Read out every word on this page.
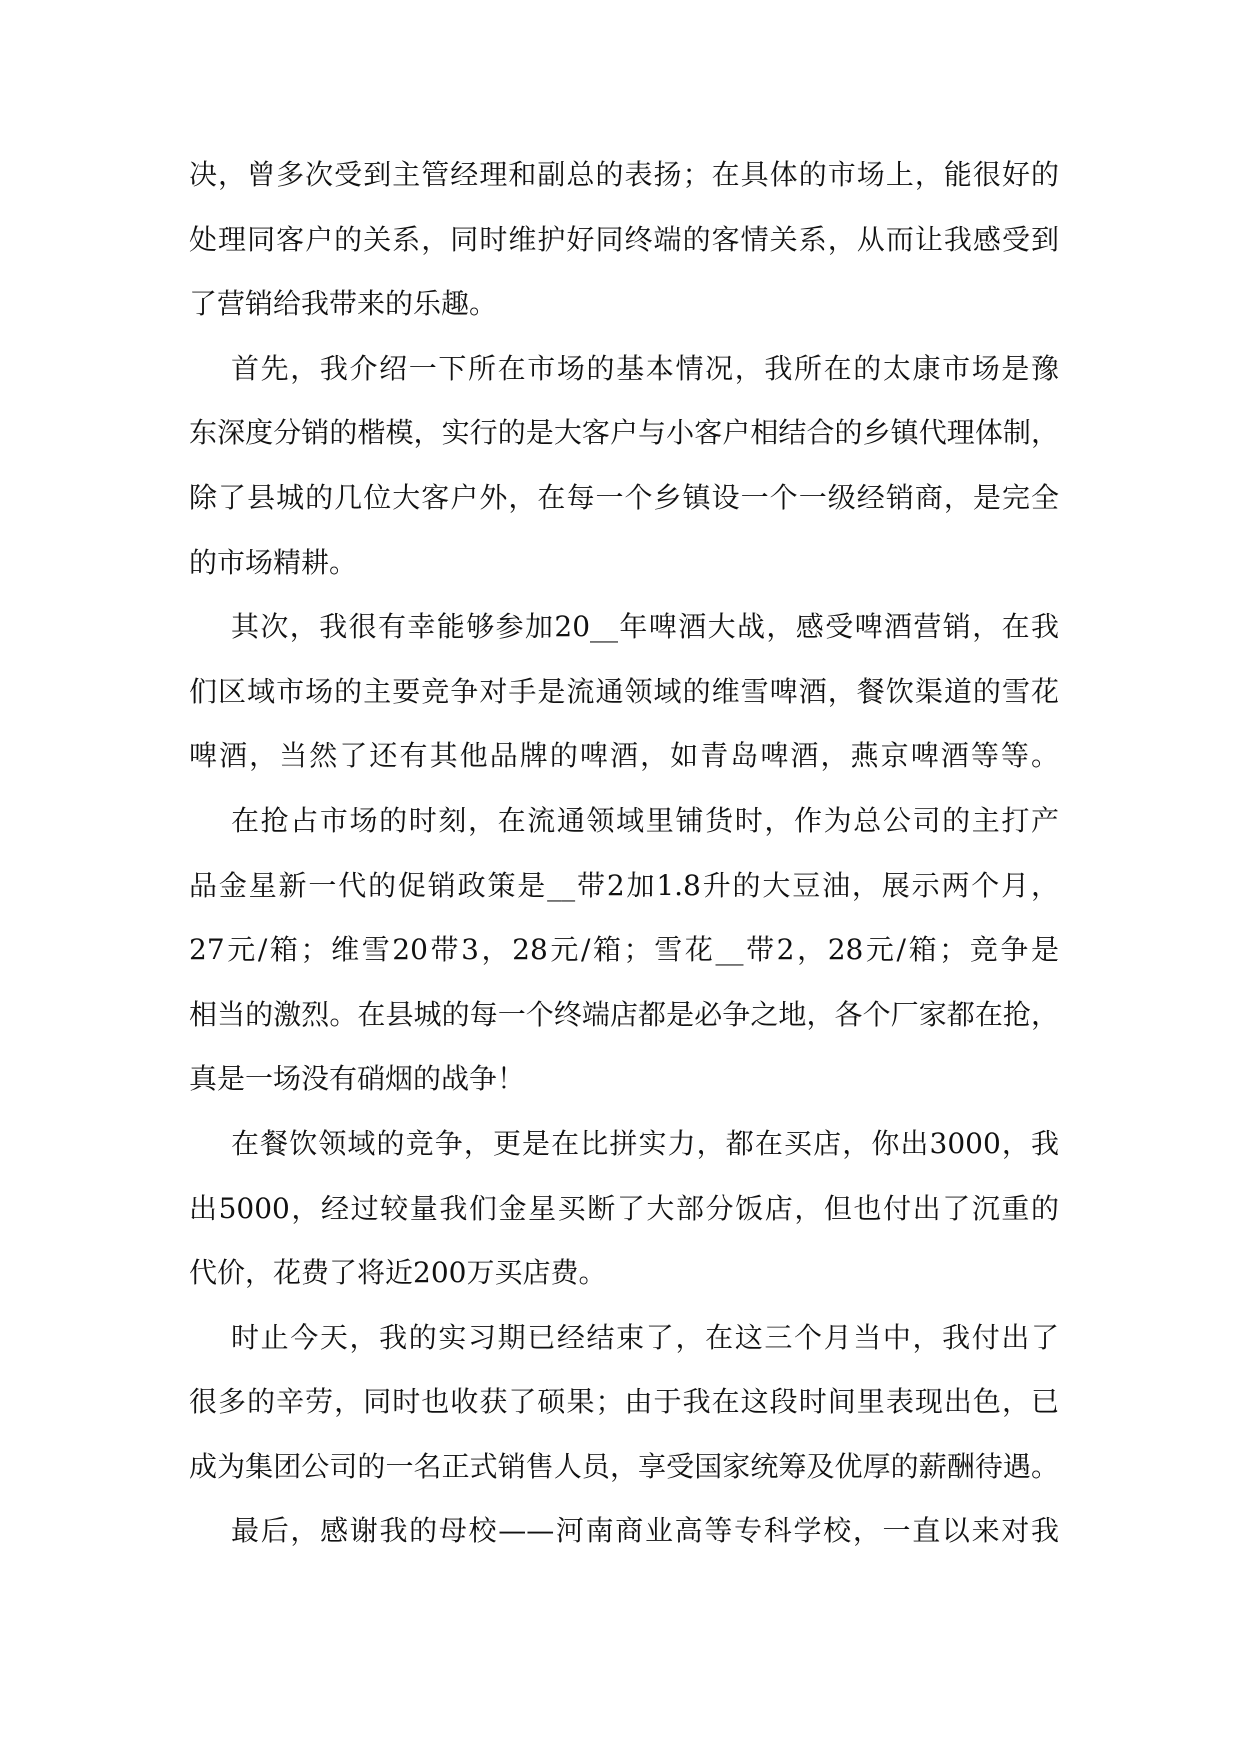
决，曾多次受到主管经理和副总的表扬；在具体的市场上，能很好的
处理同客户的关系，同时维护好同终端的客情关系，从而让我感受到
了营销给我带来的乐趣。
首先，我介绍一下所在市场的基本情况，我所在的太康市场是豫
东深度分销的楷模，实行的是大客户与小客户相结合的乡镇代理体制，
除了县城的几位大客户外，在每一个乡镇设一个一级经销商，是完全
的市场精耕。
其次，我很有幸能够参加20__年啤酒大战，感受啤酒营销，在我
们区域市场的主要竞争对手是流通领域的维雪啤酒，餐饮渠道的雪花
啤酒，当然了还有其他品牌的啤酒，如青岛啤酒，燕京啤酒等等。
在抢占市场的时刻，在流通领域里铺货时，作为总公司的主打产
品金星新一代的促销政策是__带2加1.8升的大豆油，展示两个月，
27元/箱；维雪20带3，28元/箱；雪花__带2，28元/箱；竞争是
相当的激烈。在县城的每一个终端店都是必争之地，各个厂家都在抢，
真是一场没有硝烟的战争！
在餐饮领域的竞争，更是在比拼实力，都在买店，你出3000，我
出5000，经过较量我们金星买断了大部分饭店，但也付出了沉重的
代价，花费了将近200万买店费。
时止今天，我的实习期已经结束了，在这三个月当中，我付出了
很多的辛劳，同时也收获了硕果；由于我在这段时间里表现出色，已
成为集团公司的一名正式销售人员，享受国家统筹及优厚的薪酬待遇。
最后，感谢我的母校——河南商业高等专科学校，一直以来对我
